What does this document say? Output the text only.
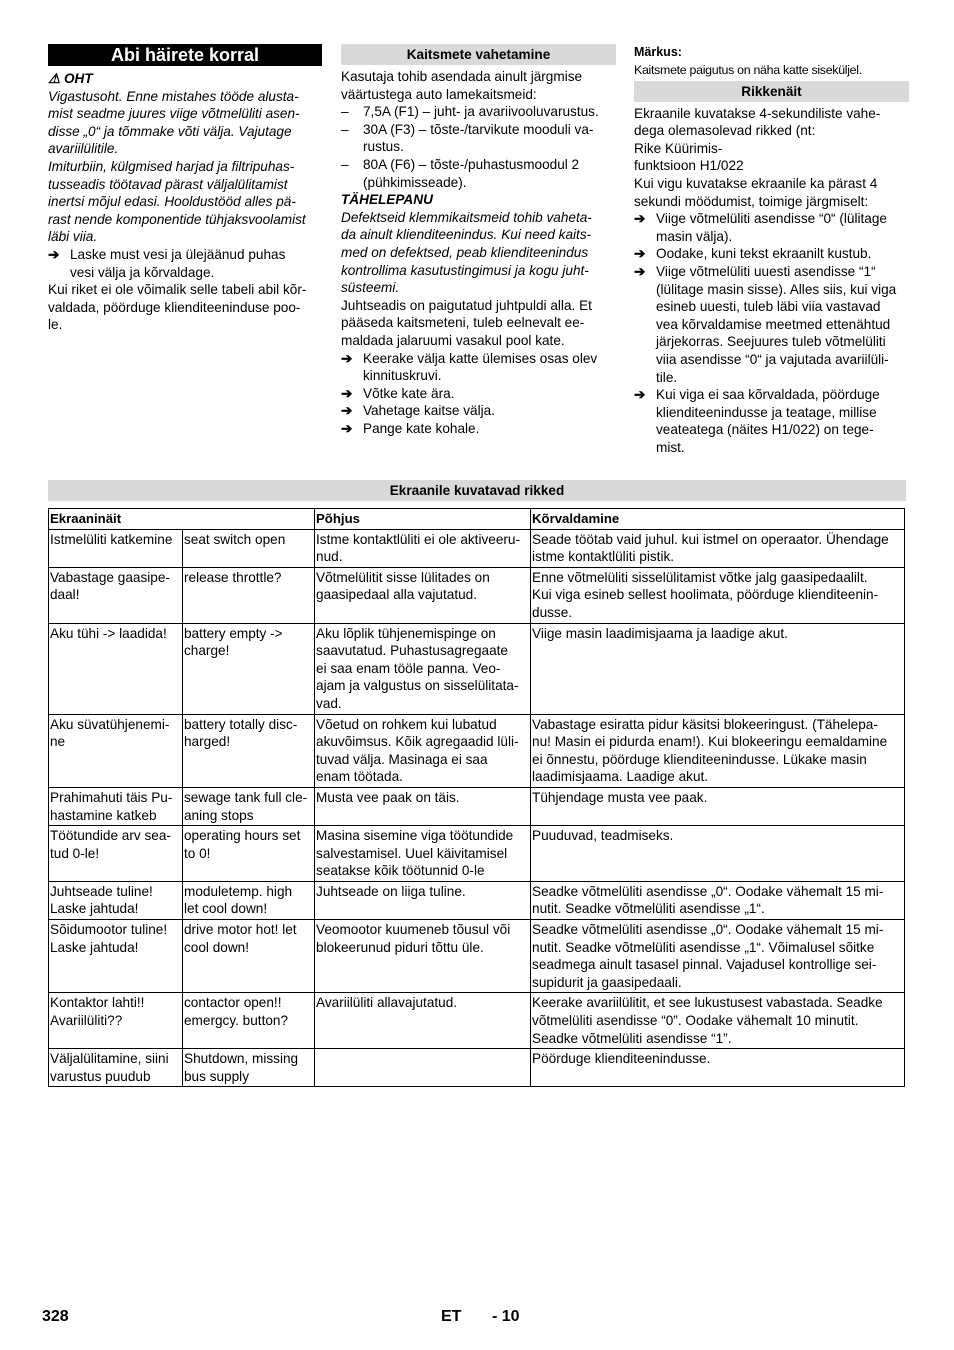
Abi häirete korral

⚠ OHT

Vigastusoht. Enne mistahes tööde alusta-
mist seadme juures viige võtmelüliti asen-
disse „0“ ja tõmmake võti välja. Vajutage
avariilülitile.
Imiturbiin, külgmised harjad ja filtripuhas-
tusseadis töötavad pärast väljalülitamist
inertsi mõjul edasi. Hooldustööd alles pä-
rast nende komponentide tühjaksvoolamist
läbi viia.

➔ Laske must vesi ja ülejäänud puhas
vesi välja ja kõrvaldage.

Kui riket ei ole võimalik selle tabeli abil kõr-
valdada, pöörduge klienditeeninduse poo-
le.

Kaitsmete vahetamine

Kasutaja tohib asendada ainult järgmise
väärtustega auto lamekaitsmeid:

– 7,5A (F1) – juht- ja avariivooluvarustus.
– 30A (F3) – tõste-/tarvikute mooduli va-
rustus.
– 80A (F6) – tõste-/puhastusmoodul 2
(pühkimisseade).

TÄHELEPANU

Defektseid klemmikaitsmeid tohib vaheta-
da ainult klienditeenindus. Kui need kaits-
med on defektsed, peab klienditeenindus
kontrollima kasutustingimusi ja kogu juht-
süsteemi.

Juhtseadis on paigutatud juhtpuldi alla. Et
pääseda kaitsmeteni, tuleb eelnevalt ee-
maldada jalaruumi vasakul pool kate.

➔ Keerake välja katte ülemises osas olev
kinnituskruvi.
➔ Võtke kate ära.
➔ Vahetage kaitse välja.
➔ Pange kate kohale.

Märkus:

Kaitsmete paigutus on näha katte siseküljel.

Rikkenäit

Ekraanile kuvatakse 4-sekundiliste vahe-
dega olemasolevad rikked (nt:
Rike Küürimis-
funktsioon H1/022
Kui vigu kuvatakse ekraanile ka pärast 4
sekundi möödumist, toimige järgmiselt:

➔ Viige võtmelüliti asendisse “0“ (lülitage
masin välja).
➔ Oodake, kuni tekst ekraanilt kustub.
➔ Viige võtmelüliti uuesti asendisse “1“
(lülitage masin sisse). Alles siis, kui viga
esineb uuesti, tuleb läbi viia vastavad
vea kõrvaldamise meetmed ettenähtud
järjekorras. Seejuures tuleb võtmelüliti
viia asendisse “0“ ja vajutada avariilüli-
tile.
➔ Kui viga ei saa kõrvaldada, pöörduge
klienditeenindusse ja teatage, millise
veateatega (näites H1/022) on tege-
mist.
Ekraanile kuvatavad rikked
Ekraaninäit		Põhjus	Kõrvaldamine
Istmelüliti katkemine	seat switch open	Istme kontaktlüliti ei ole aktiveeru-
nud.	Seade töötab vaid juhul. kui istmel on operaator. Ühendage
istme kontaktlüliti pistik.
Vabastage gaasipe-
daal!	release throttle?	Võtmelülitit sisse lülitades on
gaasipedaal alla vajutatud.	Enne võtmelüliti sisselülitamist võtke jalg gaasipedaalilt.
Kui viga esineb sellest hoolimata, pöörduge klienditeenin-
dusse.
Aku tühi -> laadida!	battery empty ->
charge!	Aku lõplik tühjenemispinge on
saavutatud. Puhastusagregaate
ei saa enam tööle panna. Veo-
ajam ja valgustus on sisselülitata-
vad.	Viige masin laadimisjaama ja laadige akut.
Aku süvatühjenemi-
ne	battery totally disc-
harged!	Võetud on rohkem kui lubatud
akuvõimsus. Kõik agregaadid lüli-
tuvad välja. Masinaga ei saa
enam töötada.	Vabastage esiratta pidur käsitsi blokeeringust. (Tähelepa-
nu! Masin ei pidurda enam!). Kui blokeeringu eemaldamine
ei õnnestu, pöörduge klienditeenindusse. Lükake masin
laadimisjaama. Laadige akut.
Prahimahuti täis Pu-
hastamine katkeb	sewage tank full cle-
aning stops	Musta vee paak on täis.	Tühjendage musta vee paak.
Töötundide arv sea-
tud 0-le!	operating hours set
to 0!	Masina sisemine viga töötundide
salvestamisel. Uuel käivitamisel
seatakse kõik töötunnid 0-le	Puuduvad, teadmiseks.
Juhtseade tuline!
Laske jahtuda!	moduletemp. high
let cool down!	Juhtseade on liiga tuline.	Seadke võtmelüliti asendisse „0“. Oodake vähemalt 15 mi-
nutit. Seadke võtmelüliti asendisse „1“.
Sõidumootor tuline!
Laske jahtuda!	drive motor hot! let
cool down!	Veomootor kuumeneb tõusul või
blokeerunud piduri tõttu üle.	Seadke võtmelüliti asendisse „0“. Oodake vähemalt 15 mi-
nutit. Seadke võtmelüliti asendisse „1“. Võimalusel sõitke
seadmega ainult tasasel pinnal. Vajadusel kontrollige sei-
supidurit ja gaasipedaali.
Kontaktor lahti!!
Avariilüliti??	contactor open!!
emergcy. button?	Avariilüliti allavajutatud.	Keerake avariilülitit, et see lukustusest vabastada. Seadke
võtmelüliti asendisse “0”. Oodake vähemalt 10 minutit.
Seadke võtmelüliti asendisse “1”.
Väljalülitamine, siini
varustus puudub	Shutdown, missing
bus supply		Pöörduge klienditeenindusse.
328	ET - 10
